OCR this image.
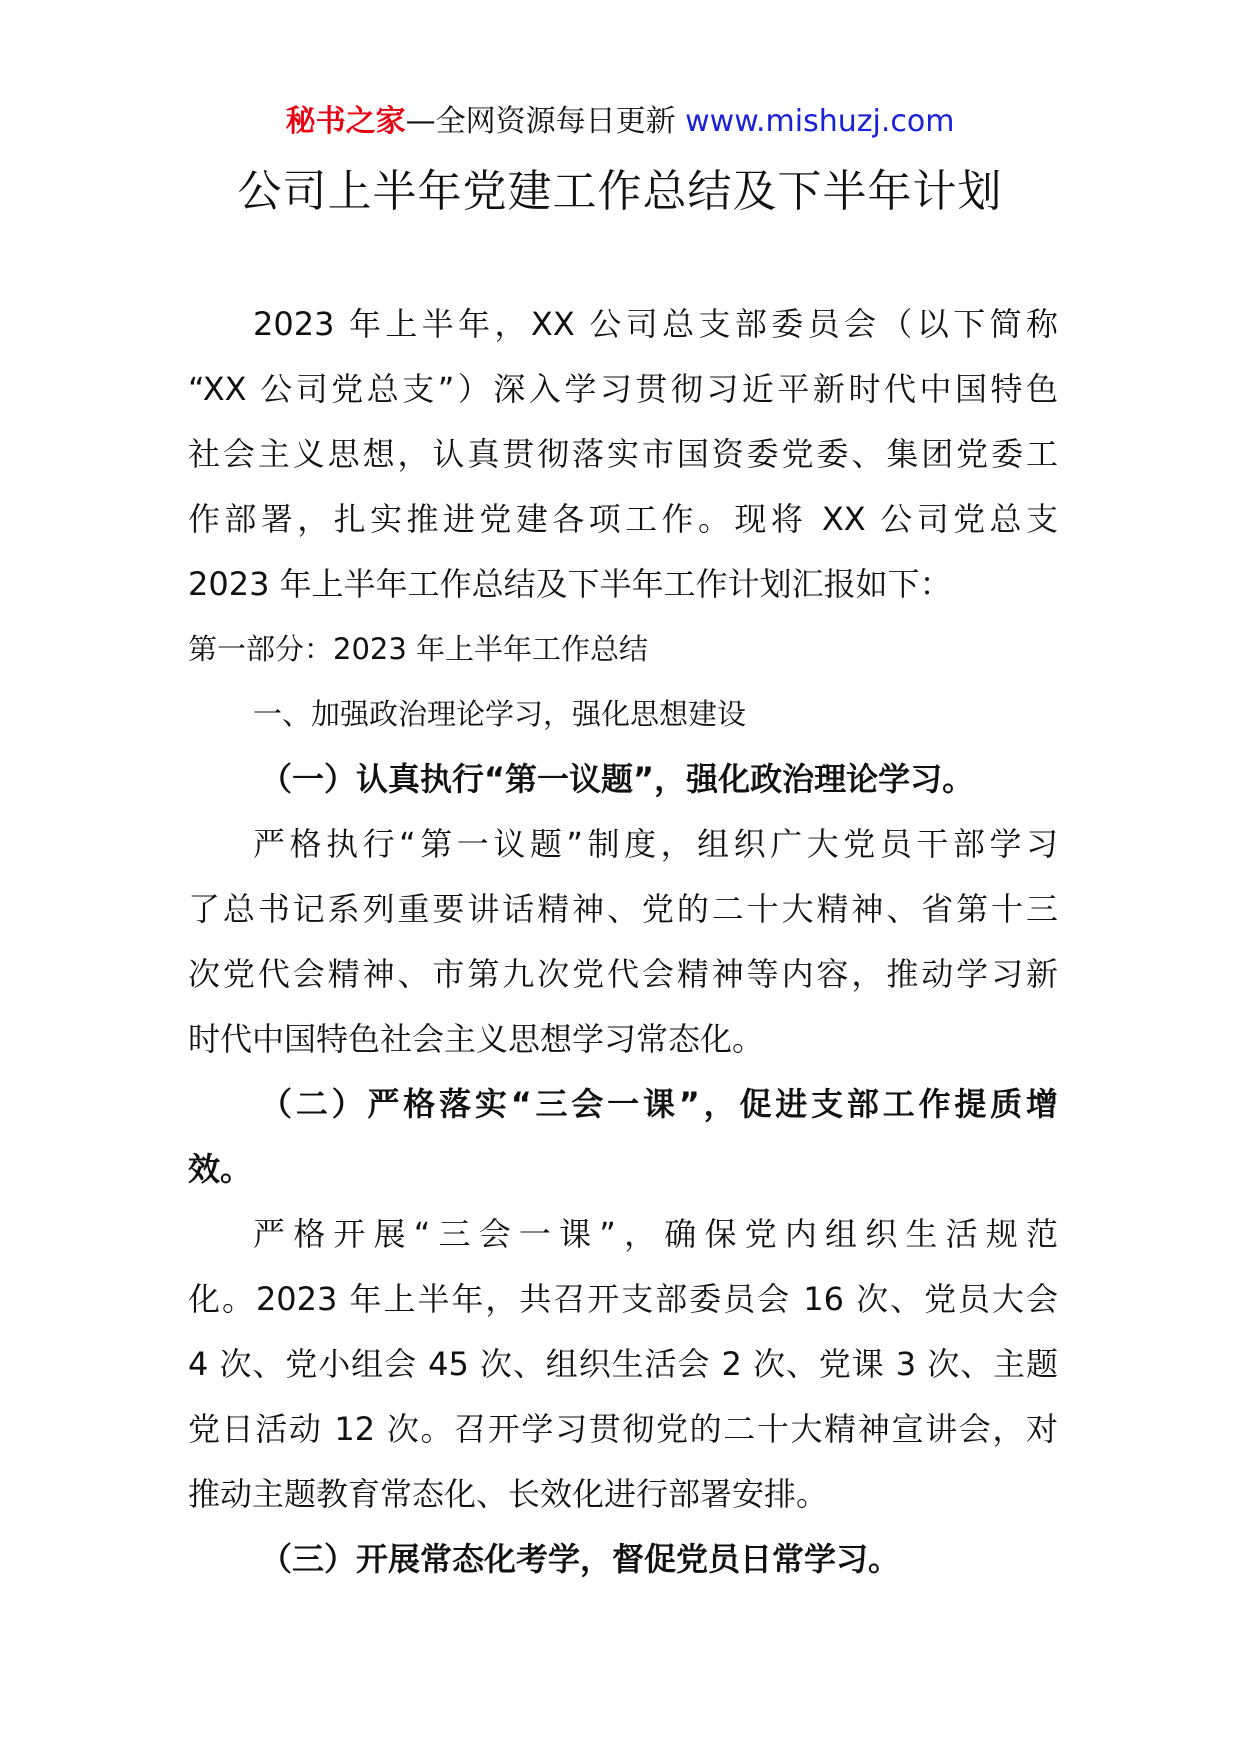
秘书之家—全网资源每日更新 www.mishuzj.com
公司上半年党建工作总结及下半年计划
2023 年上半年，XX 公司总支部委员会（以下简称
“XX 公司党总支”）深入学习贯彻习近平新时代中国特色
社会主义思想，认真贯彻落实市国资委党委、集团党委工
作部署，扎实推进党建各项工作。现将 XX 公司党总支
2023 年上半年工作总结及下半年工作计划汇报如下：
第一部分：2023 年上半年工作总结
一、加强政治理论学习，强化思想建设
（一）认真执行“第一议题”，强化政治理论学习。
严格执行“第一议题”制度，组织广大党员干部学习
了总书记系列重要讲话精神、党的二十大精神、省第十三
次党代会精神、市第九次党代会精神等内容，推动学习新
时代中国特色社会主义思想学习常态化。
（二）严格落实“三会一课”，促进支部工作提质增
效。
严格开展“三会一课”，确保党内组织生活规范
化。2023 年上半年，共召开支部委员会 16 次、党员大会
4 次、党小组会 45 次、组织生活会 2 次、党课 3 次、主题
党日活动 12 次。召开学习贯彻党的二十大精神宣讲会，对
推动主题教育常态化、长效化进行部署安排。
（三）开展常态化考学，督促党员日常学习。
